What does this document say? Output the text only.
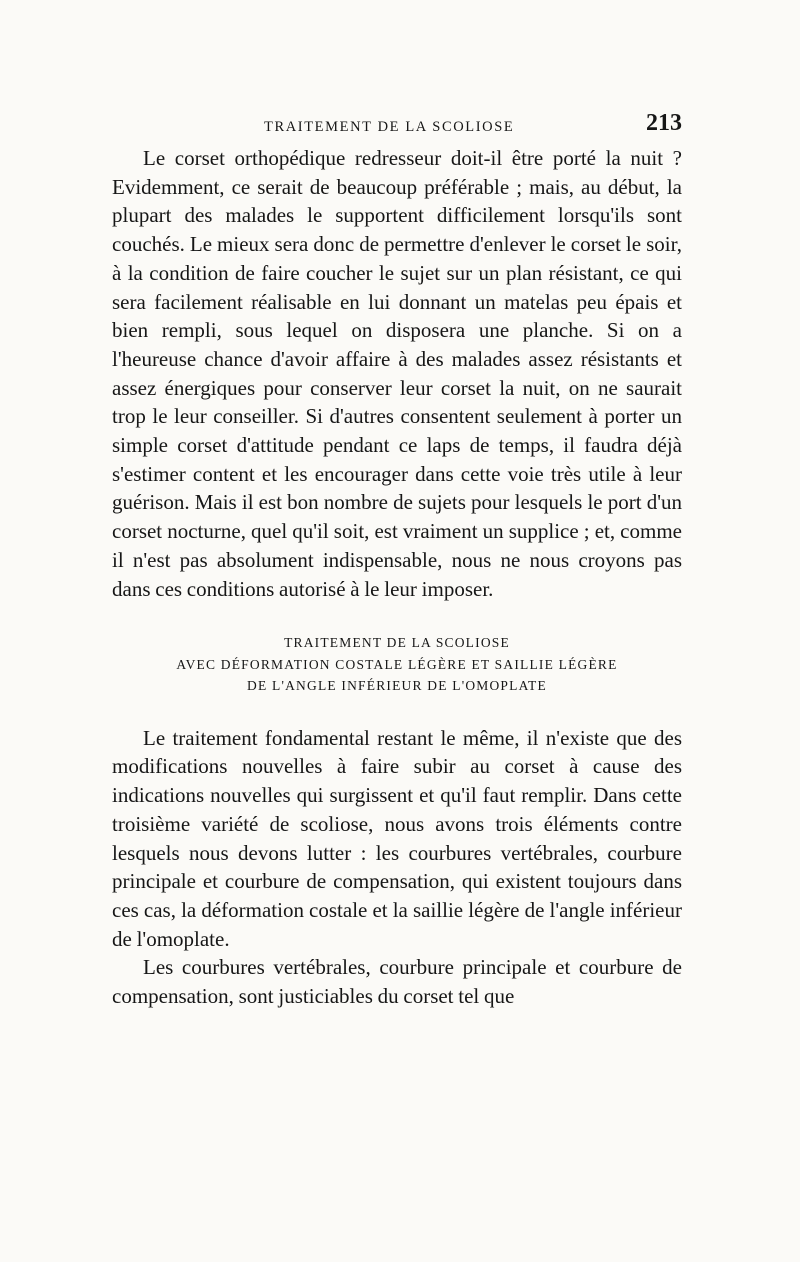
TRAITEMENT DE LA SCOLIOSE	213

Le corset orthopédique redresseur doit-il être porté la nuit ? Evidemment, ce serait de beaucoup préférable ; mais, au début, la plupart des malades le supportent difficilement lorsqu'ils sont couchés. Le mieux sera donc de permettre d'enlever le corset le soir, à la condition de faire coucher le sujet sur un plan résistant, ce qui sera facilement réalisable en lui donnant un matelas peu épais et bien rempli, sous lequel on disposera une planche. Si on a l'heureuse chance d'avoir affaire à des malades assez résistants et assez énergiques pour conserver leur corset la nuit, on ne saurait trop le leur conseiller. Si d'autres consentent seulement à porter un simple corset d'attitude pendant ce laps de temps, il faudra déjà s'estimer content et les encourager dans cette voie très utile à leur guérison. Mais il est bon nombre de sujets pour lesquels le port d'un corset nocturne, quel qu'il soit, est vraiment un supplice ; et, comme il n'est pas absolument indispensable, nous ne nous croyons pas dans ces conditions autorisé à le leur imposer.

TRAITEMENT DE LA SCOLIOSE
AVEC DÉFORMATION COSTALE LÉGÈRE ET SAILLIE LÉGÈRE
DE L'ANGLE INFÉRIEUR DE L'OMOPLATE

Le traitement fondamental restant le même, il n'existe que des modifications nouvelles à faire subir au corset à cause des indications nouvelles qui surgissent et qu'il faut remplir. Dans cette troisième variété de scoliose, nous avons trois éléments contre lesquels nous devons lutter : les courbures vertébrales, courbure principale et courbure de compensation, qui existent toujours dans ces cas, la déformation costale et la saillie légère de l'angle inférieur de l'omoplate.

Les courbures vertébrales, courbure principale et courbure de compensation, sont justiciables du corset tel que
